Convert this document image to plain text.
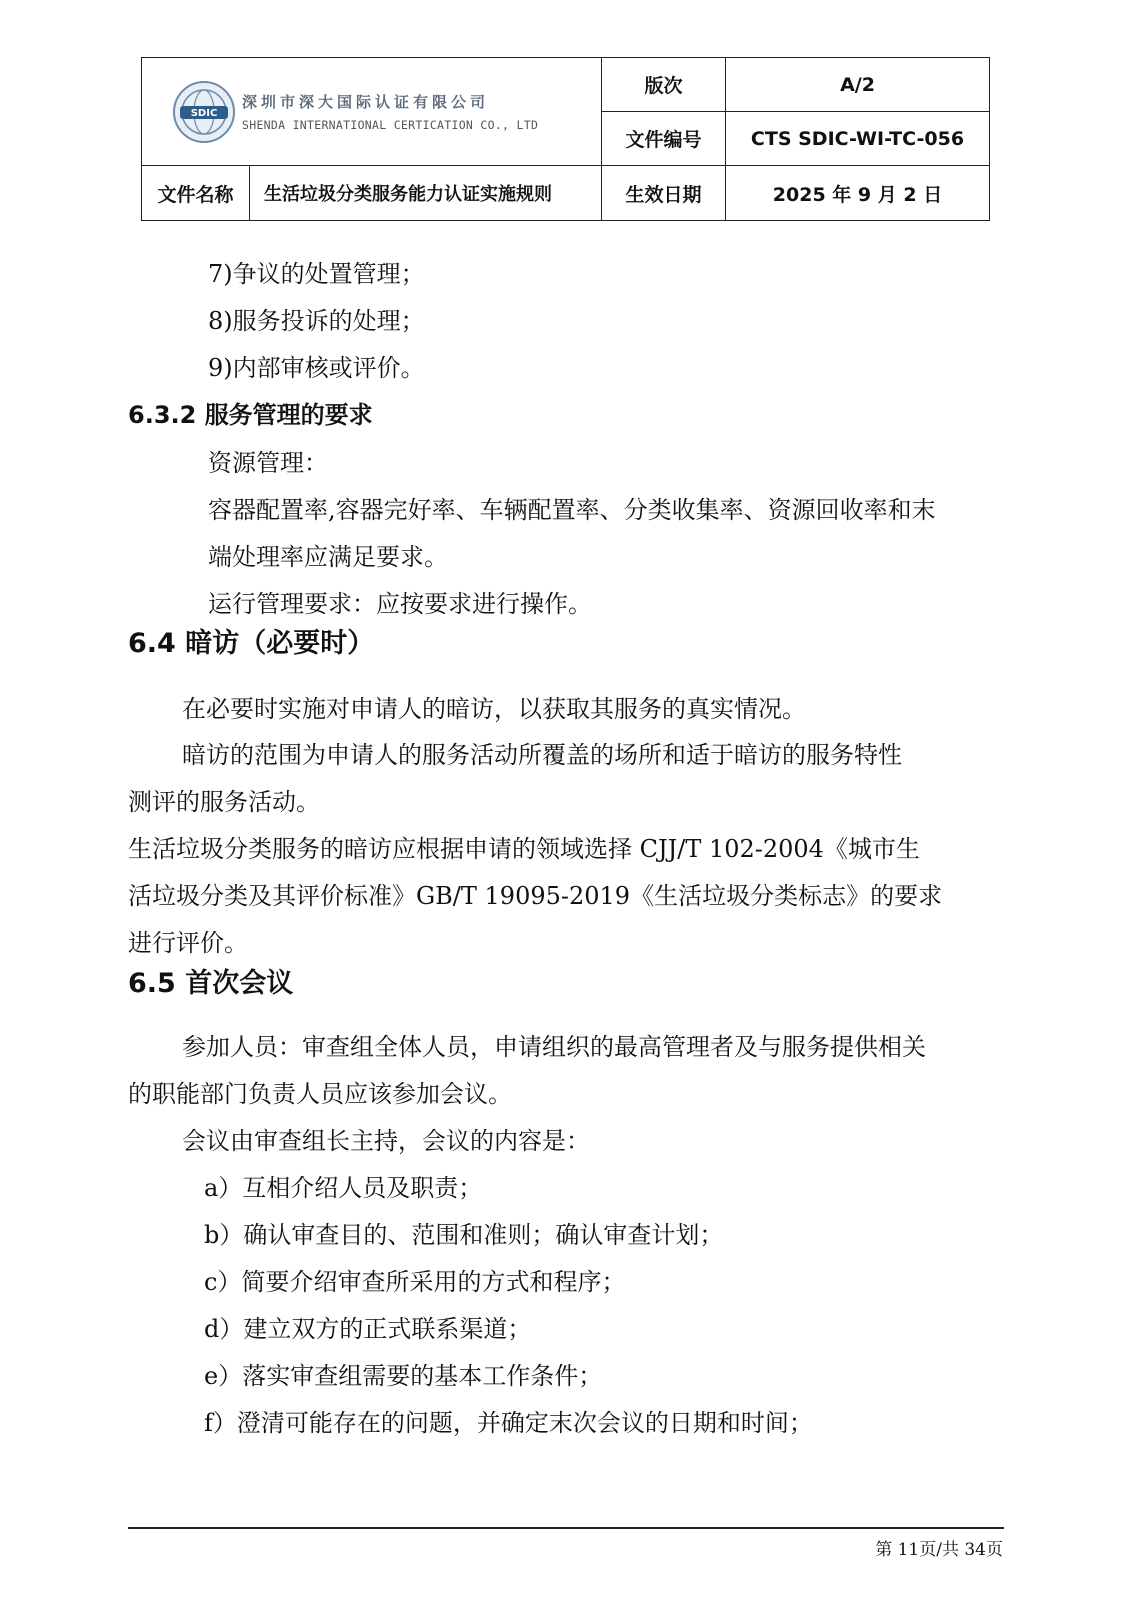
SDIC
深圳市深大国际认证有限公司
SHENDA INTERNATIONAL CERTICATION CO., LTD
版次	A/2
文件编号	CTS SDIC-WI-TC-056
文件名称	生活垃圾分类服务能力认证实施规则	生效日期	2025 年 9 月 2 日
7)争议的处置管理；
8)服务投诉的处理；
9)内部审核或评价。
6.3.2 服务管理的要求
资源管理：
容器配置率,容器完好率、车辆配置率、分类收集率、资源回收率和末
端处理率应满足要求。
运行管理要求：应按要求进行操作。
6.4 暗访（必要时）
在必要时实施对申请人的暗访，以获取其服务的真实情况。
暗访的范围为申请人的服务活动所覆盖的场所和适于暗访的服务特性
测评的服务活动。
生活垃圾分类服务的暗访应根据申请的领域选择 CJJ/T 102-2004《城市生
活垃圾分类及其评价标准》GB/T 19095-2019《生活垃圾分类标志》的要求
进行评价。
6.5 首次会议
参加人员：审查组全体人员，申请组织的最高管理者及与服务提供相关
的职能部门负责人员应该参加会议。
会议由审查组长主持，会议的内容是：
a）互相介绍人员及职责；
b）确认审查目的、范围和准则；确认审查计划；
c）简要介绍审查所采用的方式和程序；
d）建立双方的正式联系渠道；
e）落实审查组需要的基本工作条件；
f）澄清可能存在的问题，并确定末次会议的日期和时间；
第 11页/共 34页
